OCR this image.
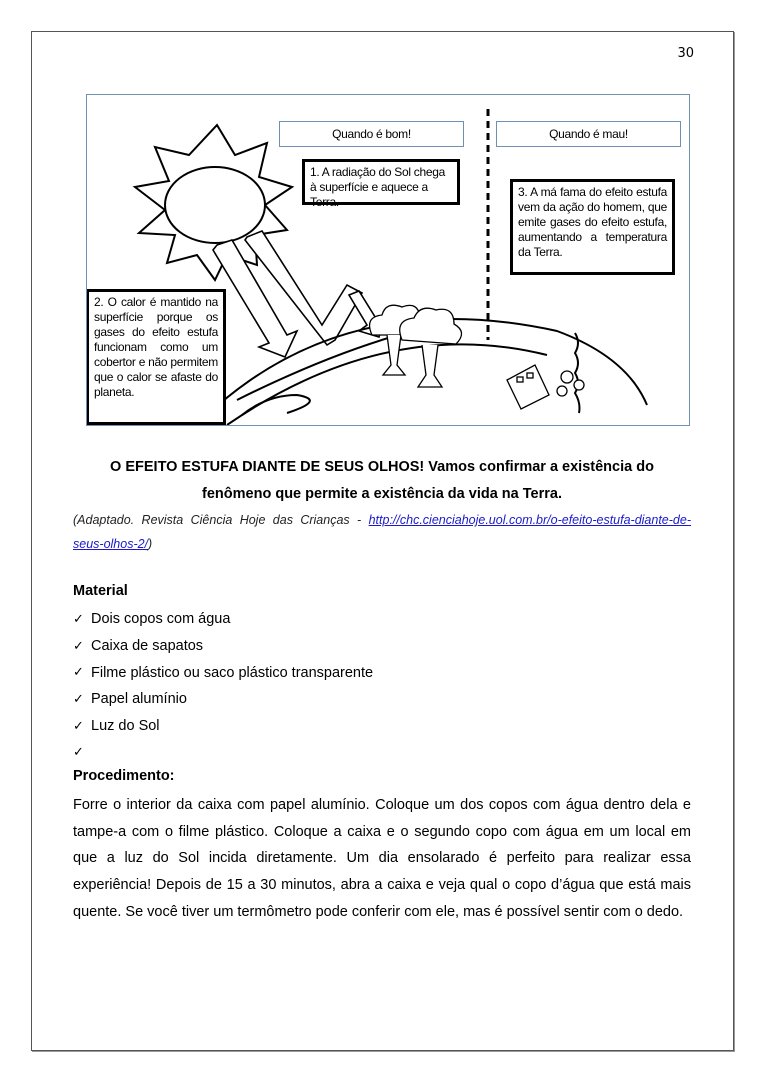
30
Quando é bom!	Quando é mau!
1. A radiação do Sol chega à superfície e aquece a Terra.
3. A má fama do efeito estufa vem da ação do homem, que emite gases do efeito estufa, aumentando a temperatura da Terra.
2. O calor é mantido na superfície porque os gases do efeito estufa funcionam como um cobertor e não permitem que o calor se afaste do planeta.
O EFEITO ESTUFA DIANTE DE SEUS OLHOS! Vamos confirmar a existência do
fenômeno que permite a existência da vida na Terra.
(Adaptado. Revista Ciência Hoje das Crianças - http://chc.cienciahoje.uol.com.br/o-efeito-estufa-diante-de-seus-olhos-2/)
Material
✓ Dois copos com água
✓ Caixa de sapatos
✓ Filme plástico ou saco plástico transparente
✓ Papel alumínio
✓ Luz do Sol
✓
Procedimento:

Forre o interior da caixa com papel alumínio. Coloque um dos copos com água dentro dela e tampe-a com o filme plástico. Coloque a caixa e o segundo copo com água em um local em que a luz do Sol incida diretamente. Um dia ensolarado é perfeito para realizar essa experiência! Depois de 15 a 30 minutos, abra a caixa e veja qual o copo d’água que está mais quente. Se você tiver um termômetro pode conferir com ele, mas é possível sentir com o dedo.
